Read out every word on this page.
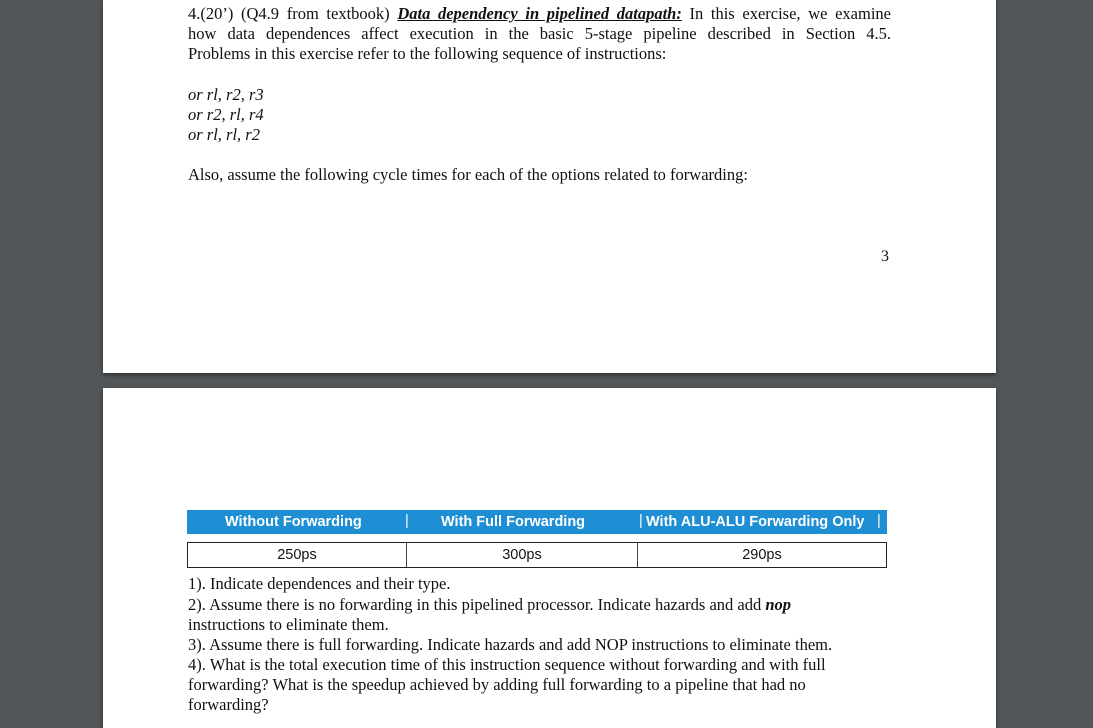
4.(20’) (Q4.9 from textbook) Data dependency in pipelined datapath: In this exercise, we examine

how data dependences affect execution in the basic 5-stage pipeline described in Section 4.5.

Problems in this exercise refer to the following sequence of instructions:

or rl, r2, r3

or r2, rl, r4

or rl, rl, r2

Also, assume the following cycle times for each of the options related to forwarding:

3
Without Forwarding	| With Full Forwarding	| With ALU-ALU Forwarding Only |
250ps	300ps	290ps

1). Indicate dependences and their type.

2). Assume there is no forwarding in this pipelined processor. Indicate hazards and add nop

instructions to eliminate them.

3). Assume there is full forwarding. Indicate hazards and add NOP instructions to eliminate them.

4). What is the total execution time of this instruction sequence without forwarding and with full

forwarding? What is the speedup achieved by adding full forwarding to a pipeline that had no

forwarding?
